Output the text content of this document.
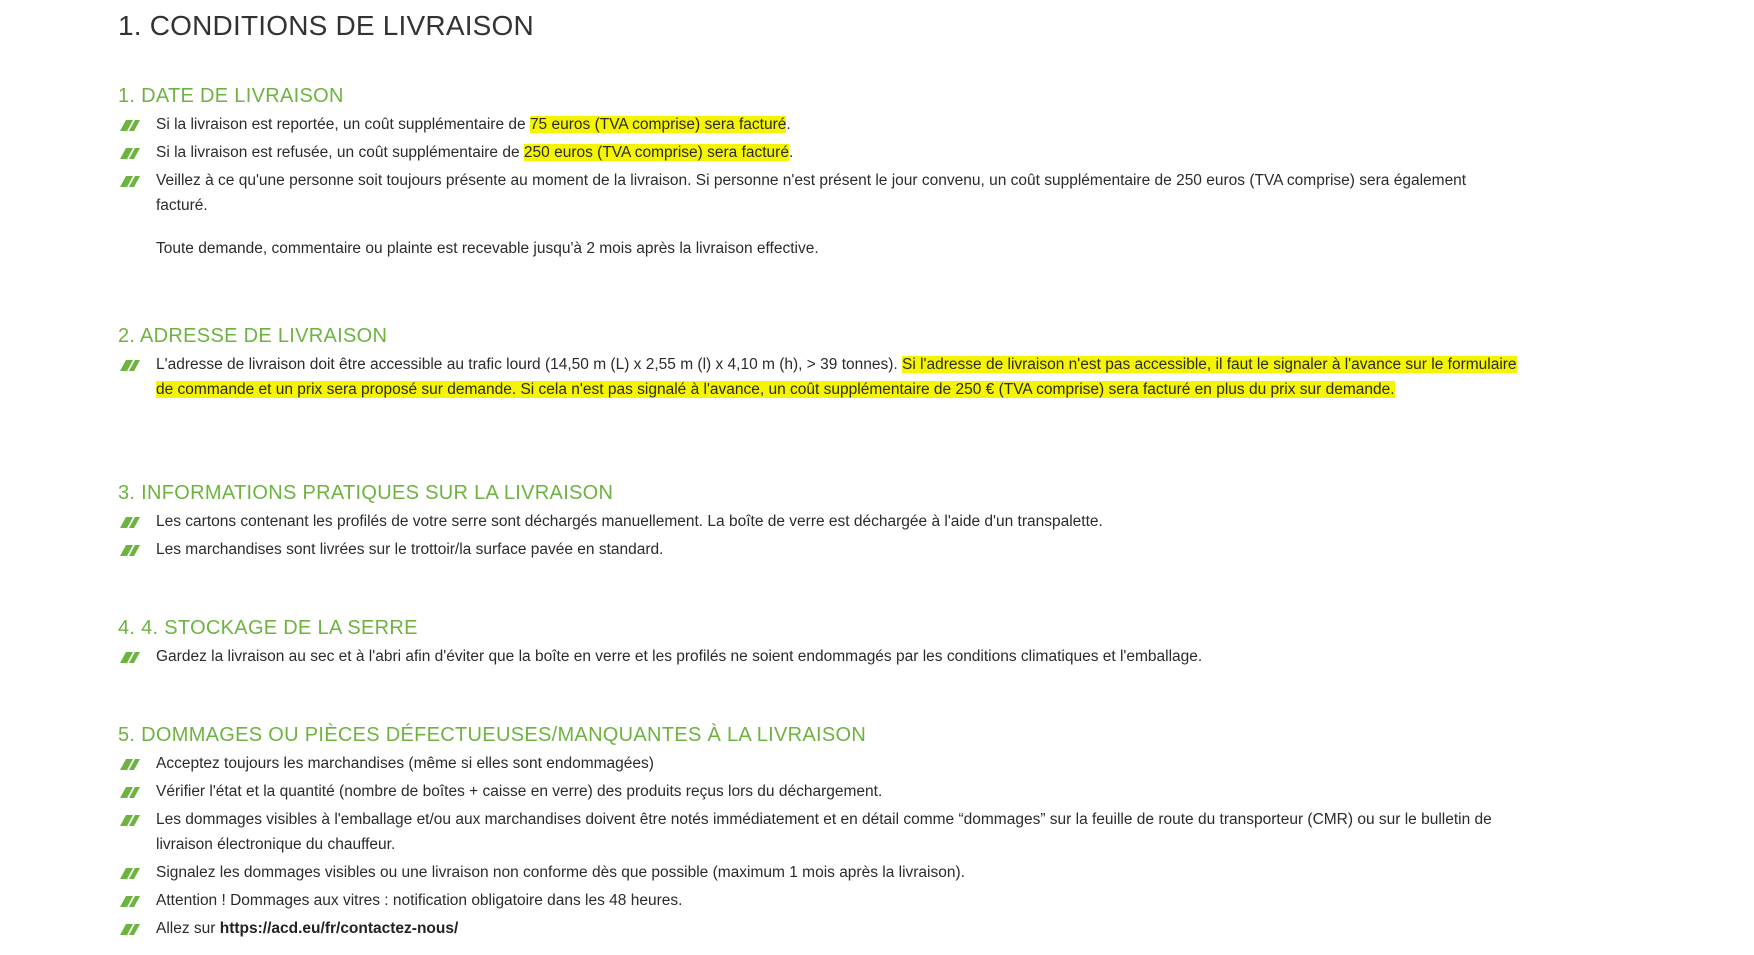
1. CONDITIONS DE LIVRAISON
1. DATE DE LIVRAISON
Si la livraison est reportée, un coût supplémentaire de 75 euros (TVA comprise) sera facturé.
Si la livraison est refusée, un coût supplémentaire de 250 euros (TVA comprise) sera facturé.
Veillez à ce qu'une personne soit toujours présente au moment de la livraison. Si personne n'est présent le jour convenu, un coût supplémentaire de 250 euros (TVA comprise) sera également facturé.

Toute demande, commentaire ou plainte est recevable jusqu'à 2 mois après la livraison effective.

2. ADRESSE DE LIVRAISON
L'adresse de livraison doit être accessible au trafic lourd (14,50 m (L) x 2,55 m (l) x 4,10 m (h), > 39 tonnes). Si l'adresse de livraison n'est pas accessible, il faut le signaler à l'avance sur le formulaire de commande et un prix sera proposé sur demande. Si cela n'est pas signalé à l'avance, un coût supplémentaire de 250 € (TVA comprise) sera facturé en plus du prix sur demande.
3. INFORMATIONS PRATIQUES SUR LA LIVRAISON
Les cartons contenant les profilés de votre serre sont déchargés manuellement. La boîte de verre est déchargée à l'aide d'un transpalette.
Les marchandises sont livrées sur le trottoir/la surface pavée en standard.
4. 4. STOCKAGE DE LA SERRE
Gardez la livraison au sec et à l'abri afin d'éviter que la boîte en verre et les profilés ne soient endommagés par les conditions climatiques et l'emballage.
5. DOMMAGES OU PIÈCES DÉFECTUEUSES/MANQUANTES À LA LIVRAISON
Acceptez toujours les marchandises (même si elles sont endommagées)
Vérifier l'état et la quantité (nombre de boîtes + caisse en verre) des produits reçus lors du déchargement.
Les dommages visibles à l'emballage et/ou aux marchandises doivent être notés immédiatement et en détail comme “dommages” sur la feuille de route du transporteur (CMR) ou sur le bulletin de livraison électronique du chauffeur.
Signalez les dommages visibles ou une livraison non conforme dès que possible (maximum 1 mois après la livraison).
Attention ! Dommages aux vitres : notification obligatoire dans les 48 heures.
Allez sur https://acd.eu/fr/contactez-nous/
